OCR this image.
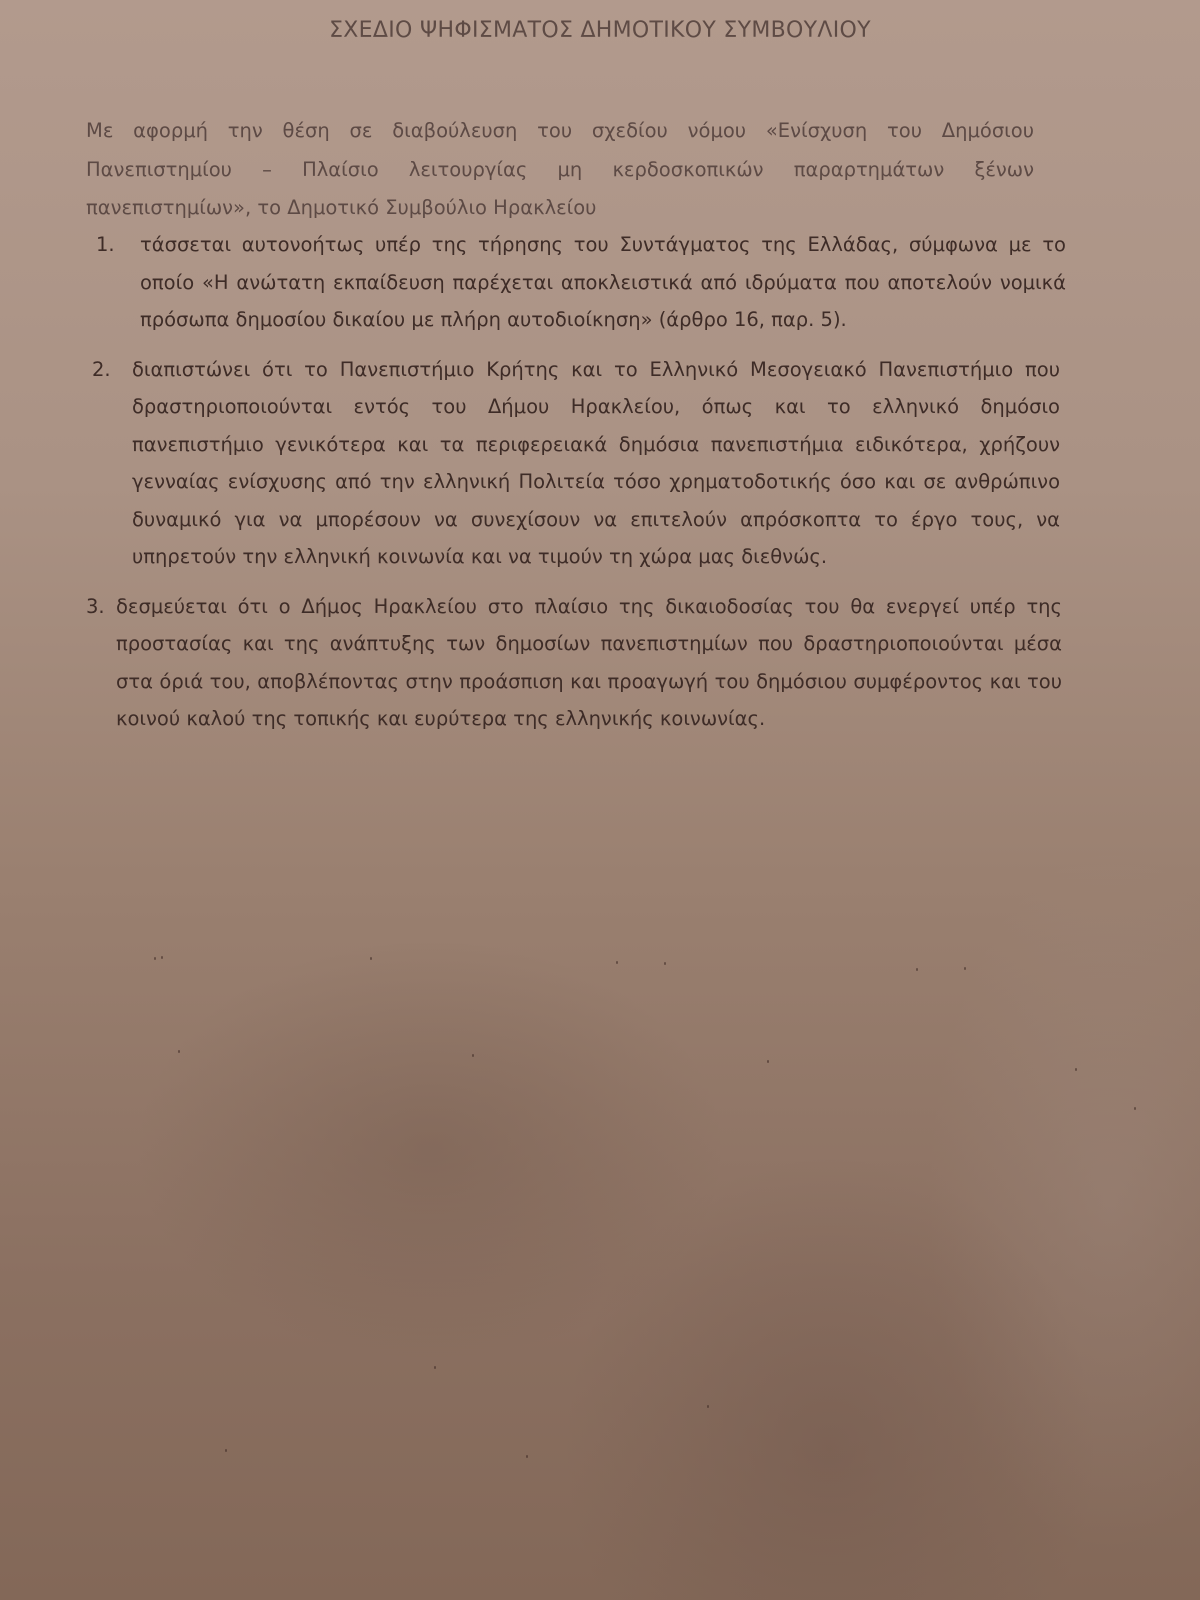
ΣΧΕΔΙΟ ΨΗΦΙΣΜΑΤΟΣ ΔΗΜΟΤΙΚΟΥ ΣΥΜΒΟΥΛΙΟΥ

Με αφορμή την θέση σε διαβούλευση του σχεδίου νόμου «Ενίσχυση του Δημόσιου Πανεπιστημίου – Πλαίσιο λειτουργίας μη κερδοσκοπικών παραρτημάτων ξένων πανεπιστημίων», το Δημοτικό Συμβούλιο Ηρακλείου

1. τάσσεται αυτονοήτως υπέρ της τήρησης του Συντάγματος της Ελλάδας, σύμφωνα με το οποίο «Η ανώτατη εκπαίδευση παρέχεται αποκλειστικά από ιδρύματα που αποτελούν νομικά πρόσωπα δημοσίου δικαίου με πλήρη αυτοδιοίκηση» (άρθρο 16, παρ. 5).
2. διαπιστώνει ότι το Πανεπιστήμιο Κρήτης και το Ελληνικό Μεσογειακό Πανεπιστήμιο που δραστηριοποιούνται εντός του Δήμου Ηρακλείου, όπως και το ελληνικό δημόσιο πανεπιστήμιο γενικότερα και τα περιφερειακά δημόσια πανεπιστήμια ειδικότερα, χρήζουν γενναίας ενίσχυσης από την ελληνική Πολιτεία τόσο χρηματοδοτικής όσο και σε ανθρώπινο δυναμικό για να μπορέσουν να συνεχίσουν να επιτελούν απρόσκοπτα το έργο τους, να υπηρετούν την ελληνική κοινωνία και να τιμούν τη χώρα μας διεθνώς.
3. δεσμεύεται ότι ο Δήμος Ηρακλείου στο πλαίσιο της δικαιοδοσίας του θα ενεργεί υπέρ της προστασίας και της ανάπτυξης των δημοσίων πανεπιστημίων που δραστηριοποιούνται μέσα στα όριά του, αποβλέποντας στην προάσπιση και προαγωγή του δημόσιου συμφέροντος και του κοινού καλού της τοπικής και ευρύτερα της ελληνικής κοινωνίας.
